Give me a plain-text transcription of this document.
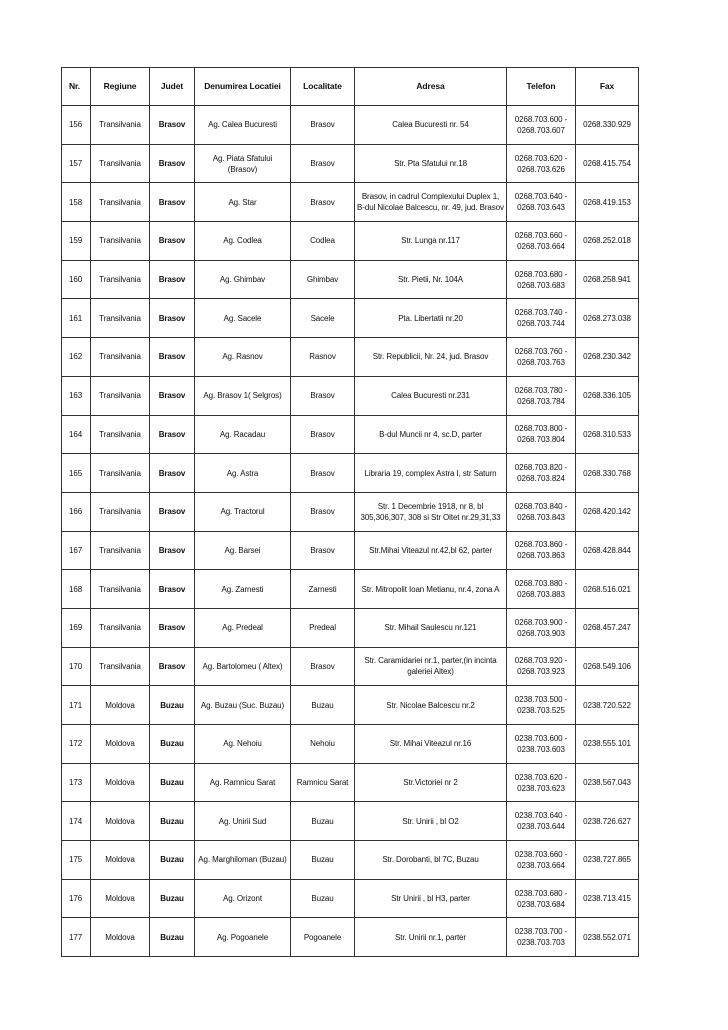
Nr.	Regiune	Judet	Denumirea Locatiei	Localitate	Adresa	Telefon	Fax
156	Transilvania	Brasov	Ag. Calea Bucuresti	Brasov	Calea Bucuresti nr. 54	0268.703.600 -
0268.703.607	0268.330.929
157	Transilvania	Brasov	Ag. Piata Sfatului (Brasov)	Brasov	Str. Pta Sfatului nr.18	0268.703.620 -
0268.703.626	0268.415.754
158	Transilvania	Brasov	Ag. Star	Brasov	Brasov, in cadrul Complexului Duplex 1, B-dul Nicolae Balcescu, nr. 49, jud. Brasov	0268.703.640 -
0268.703.643	0268.419.153
159	Transilvania	Brasov	Ag. Codlea	Codlea	Str. Lunga nr.117	0268.703.660 -
0268.703.664	0268.252.018
160	Transilvania	Brasov	Ag. Ghimbav	Ghimbav	Str. Pietii, Nr. 104A	0268.703.680 -
0268.703.683	0268.258.941
161	Transilvania	Brasov	Ag. Sacele	Sacele	Pta. Libertatii nr.20	0268.703.740 -
0268.703.744	0268.273.038
162	Transilvania	Brasov	Ag. Rasnov	Rasnov	Str. Republicii, Nr. 24, jud. Brasov	0268.703.760 -
0268.703.763	0268.230.342
163	Transilvania	Brasov	Ag. Brasov 1( Selgros)	Brasov	Calea Bucuresti nr.231	0268.703.780 -
0268.703.784	0268.336.105
164	Transilvania	Brasov	Ag. Racadau	Brasov	B-dul Muncii nr 4, sc.D, parter	0268.703.800 -
0268.703.804	0268.310.533
165	Transilvania	Brasov	Ag. Astra	Brasov	Libraria 19, complex Astra I, str Saturn	0268.703.820 -
0268.703.824	0268.330.768
166	Transilvania	Brasov	Ag. Tractorul	Brasov	Str. 1 Decembrie 1918, nr 8, bl 305,306,307, 308 si Str Oltet nr.29,31,33	0268.703.840 -
0268.703.843	0268.420.142
167	Transilvania	Brasov	Ag. Barsei	Brasov	Str.Mihai Viteazul nr.42,bl 62, parter	0268.703.860 -
0268.703.863	0268.428.844
168	Transilvania	Brasov	Ag. Zarnesti	Zarnesti	Str. Mitropolit Ioan Metianu, nr.4, zona A	0268.703.880 -
0268.703.883	0268.516.021
169	Transilvania	Brasov	Ag. Predeal	Predeal	Str. Mihail Saulescu nr.121	0268.703.900 -
0268.703.903	0268.457.247
170	Transilvania	Brasov	Ag. Bartolomeu ( Altex)	Brasov	Str. Caramidariei nr.1, parter,(in incinta galeriei Altex)	0268.703.920 -
0268.703.923	0268.549.106
171	Moldova	Buzau	Ag. Buzau (Suc. Buzau)	Buzau	Str. Nicolae Balcescu nr.2	0238.703.500 -
0238.703.525	0238.720.522
172	Moldova	Buzau	Ag. Nehoiu	Nehoiu	Str. Mihai Viteazul nr.16	0238.703.600 -
0238.703.603	0238.555.101
173	Moldova	Buzau	Ag. Ramnicu Sarat	Ramnicu Sarat	Str.Victoriei nr 2	0238.703.620 -
0238.703.623	0238.567.043
174	Moldova	Buzau	Ag. Unirii Sud	Buzau	Str. Unirii , bl O2	0238.703.640 -
0238.703.644	0238.726.627
175	Moldova	Buzau	Ag. Marghiloman (Buzau)	Buzau	Str. Dorobanti, bl 7C, Buzau	0238.703.660 -
0238.703.664	0238.727.865
176	Moldova	Buzau	Ag. Orizont	Buzau	Str Unirii , bl H3, parter	0238.703.680 -
0238.703.684	0238.713.415
177	Moldova	Buzau	Ag. Pogoanele	Pogoanele	Str. Unirii nr.1, parter	0238.703.700 -
0238.703.703	0238.552.071
